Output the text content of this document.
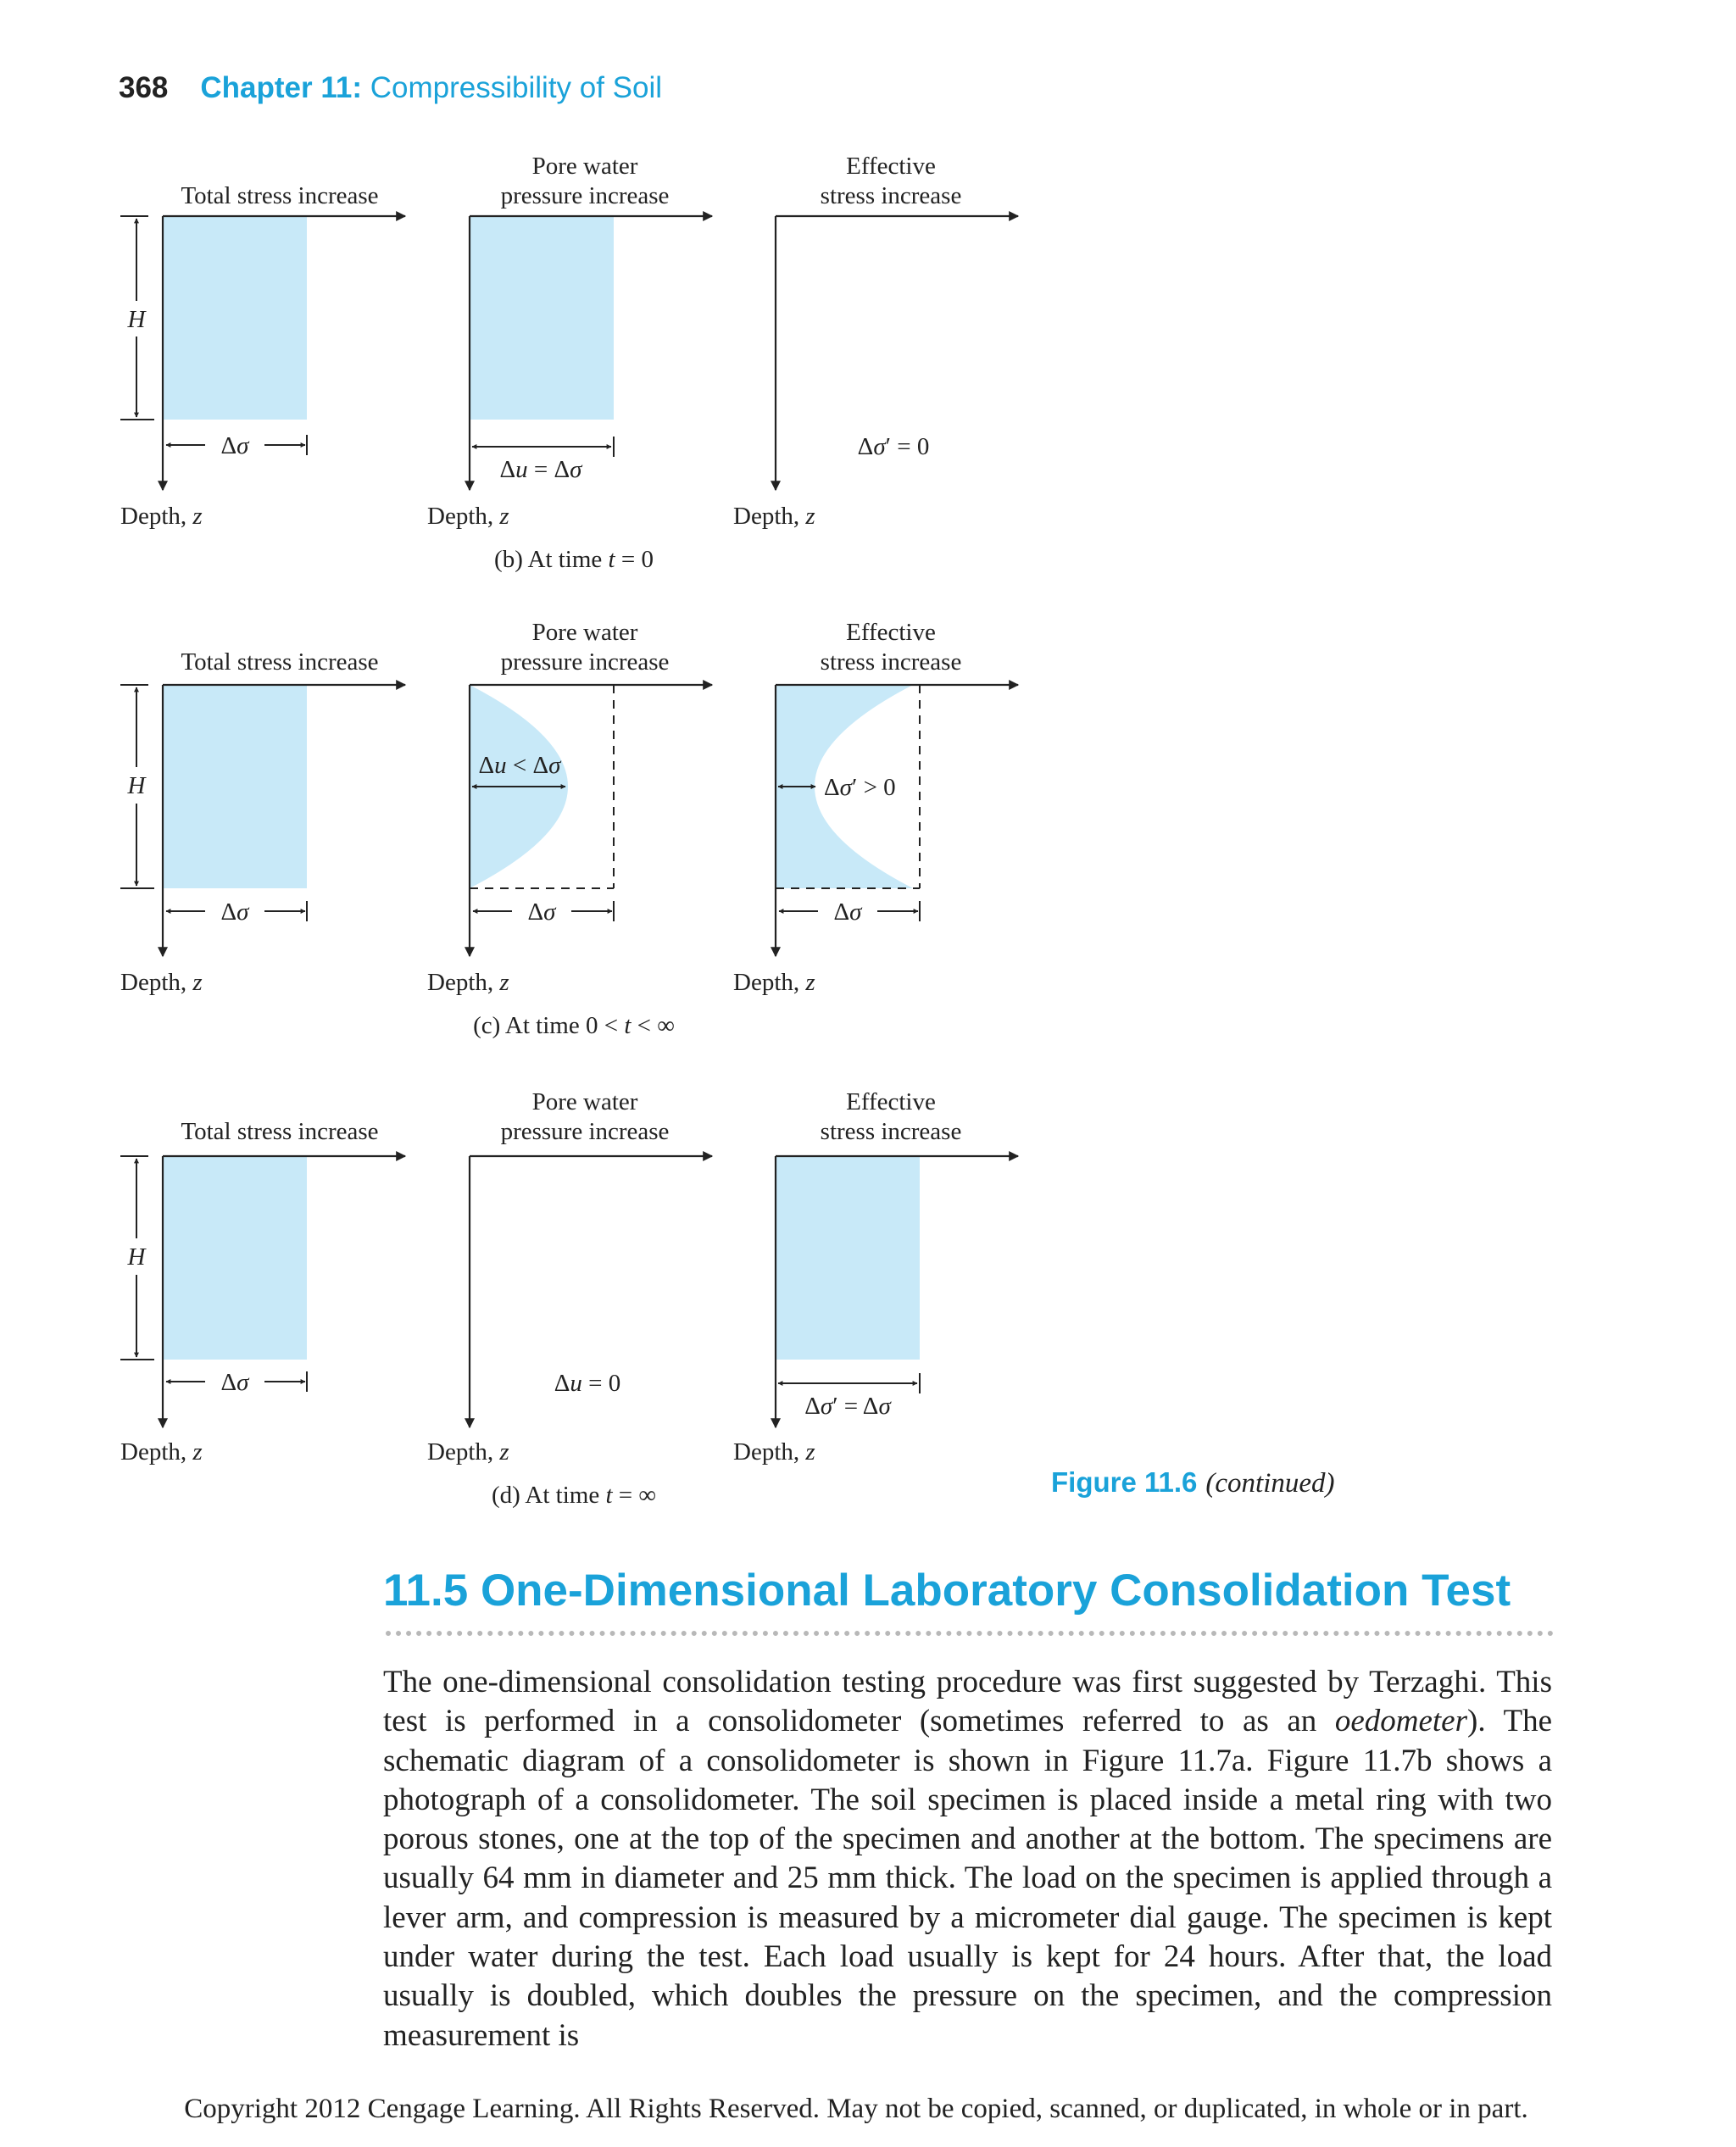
368 Chapter 11: Compressibility of Soil
Total stress increase
H
Δσ
Depth, z
Pore water
pressure increase
Δu = Δσ
Depth, z
Effective
stress increase
Δσ′ = 0
Depth, z
(b) At time t = 0
Total stress increase
H
Δσ
Depth, z
Pore water
pressure increase
Δu < Δσ
Δσ
Depth, z
Effective
stress increase
Δσ′ > 0
Δσ
Depth, z
(c) At time 0 < t < ∞
Total stress increase
H
Δσ
Depth, z
Pore water
pressure increase
Δu = 0
Depth, z
Effective
stress increase
Δσ′ = Δσ
Depth, z
(d) At time t = ∞	Figure 11.6 (continued)
11.5 One-Dimensional Laboratory Consolidation Test
The one-dimensional consolidation testing procedure was first suggested by Terzaghi. This test is performed in a consolidometer (sometimes referred to as an oedometer). The schematic diagram of a consolidometer is shown in Figure 11.7a. Figure 11.7b shows a photograph of a consolidometer. The soil specimen is placed inside a metal ring with two porous stones, one at the top of the specimen and another at the bottom. The specimens are usually 64 mm in diameter and 25 mm thick. The load on the specimen is applied through a lever arm, and compression is measured by a micrometer dial gauge. The specimen is kept under water during the test. Each load usually is kept for 24 hours. After that, the load usually is doubled, which doubles the pressure on the specimen, and the compression measurement is
Copyright 2012 Cengage Learning. All Rights Reserved. May not be copied, scanned, or duplicated, in whole or in part.
